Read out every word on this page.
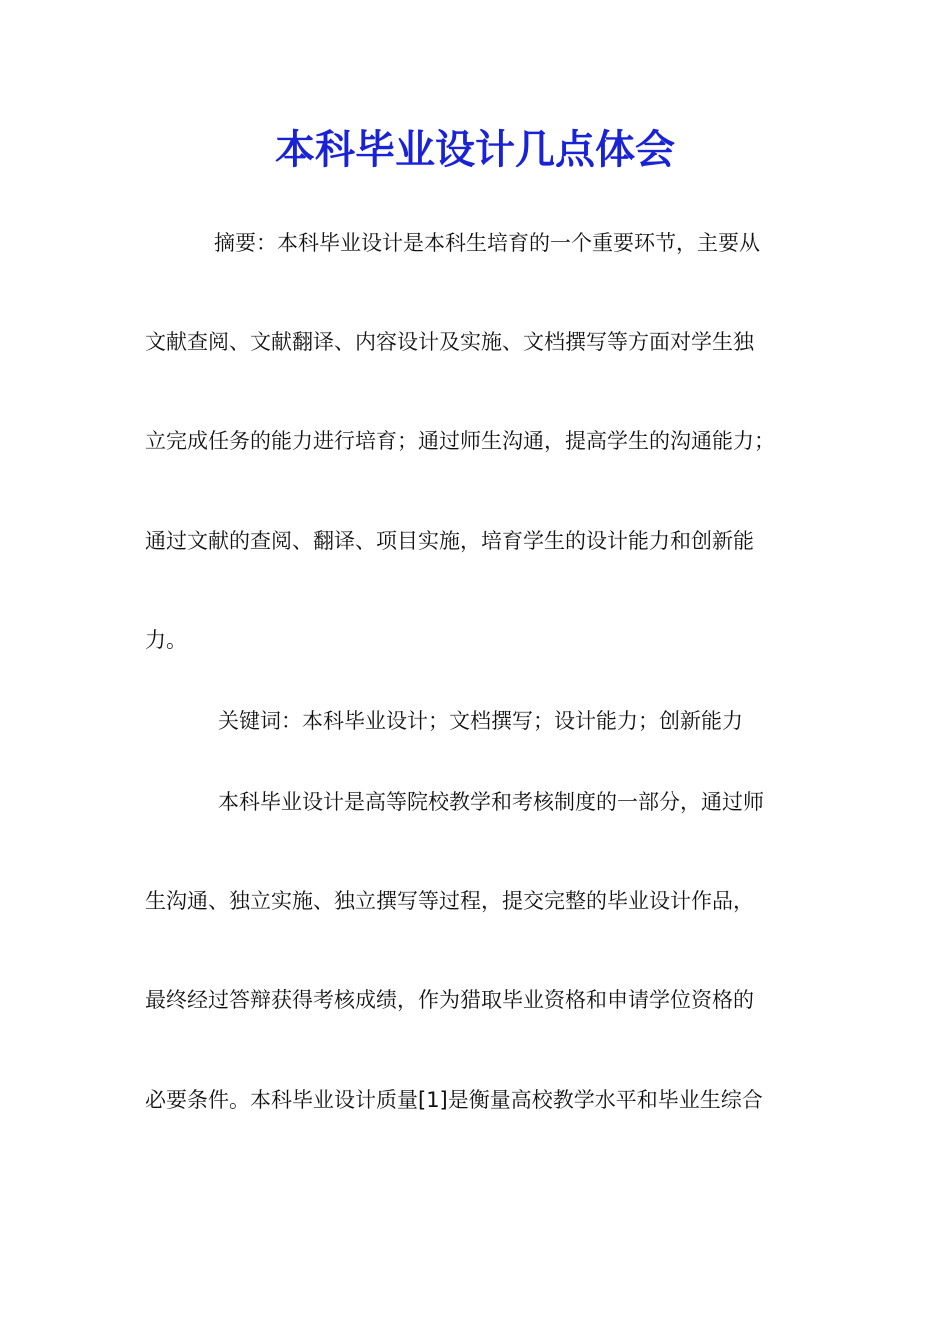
本科毕业设计几点体会

摘要：本科毕业设计是本科生培育的一个重要环节，主要从

文献查阅、文献翻译、内容设计及实施、文档撰写等方面对学生独

立完成任务的能力进行培育；通过师生沟通，提高学生的沟通能力；

通过文献的查阅、翻译、项目实施，培育学生的设计能力和创新能

力。

关键词：本科毕业设计；文档撰写；设计能力；创新能力

本科毕业设计是高等院校教学和考核制度的一部分，通过师

生沟通、独立实施、独立撰写等过程，提交完整的毕业设计作品，

最终经过答辩获得考核成绩，作为猎取毕业资格和申请学位资格的

必要条件。本科毕业设计质量[1]是衡量高校教学水平和毕业生综合
